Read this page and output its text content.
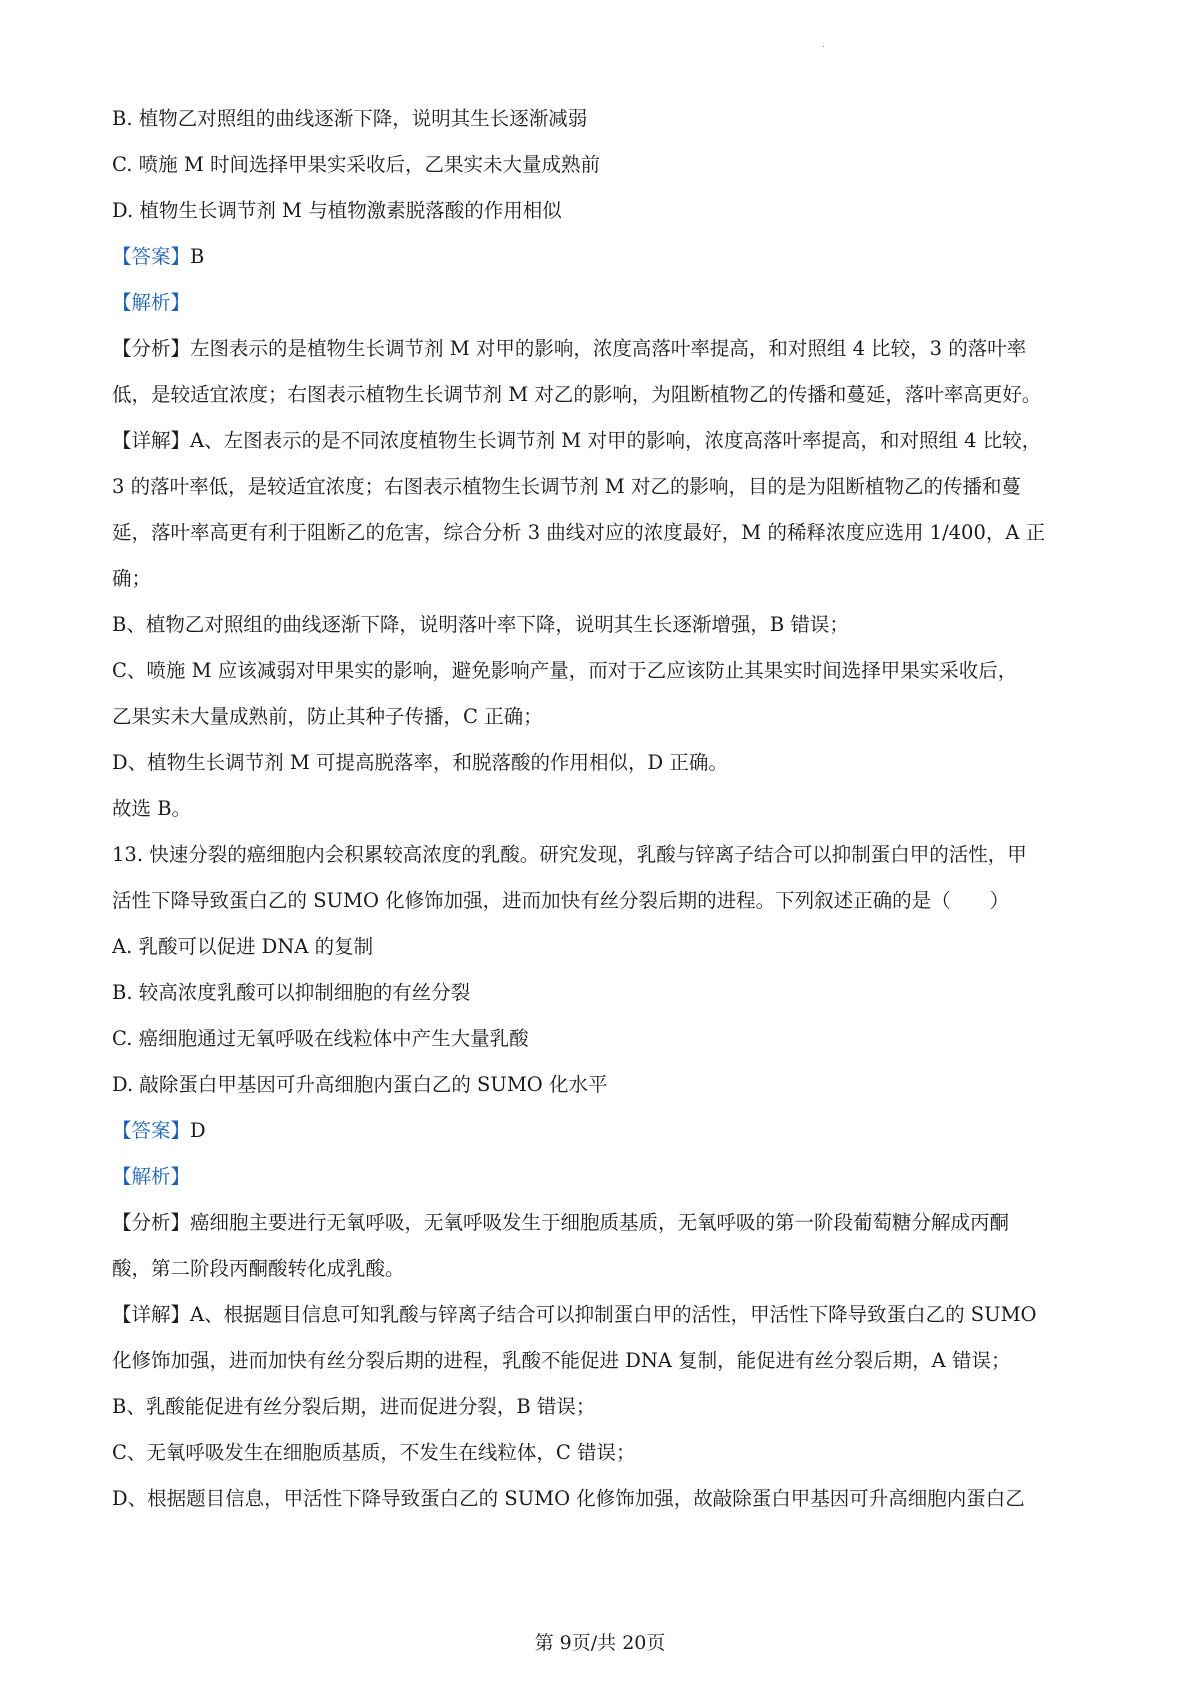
·
B. 植物乙对照组的曲线逐渐下降，说明其生长逐渐减弱
C. 喷施 M 时间选择甲果实采收后，乙果实未大量成熟前
D. 植物生长调节剂 M 与植物激素脱落酸的作用相似
【答案】B
【解析】
【分析】左图表示的是植物生长调节剂 M 对甲的影响，浓度高落叶率提高，和对照组 4 比较，3 的落叶率
低，是较适宜浓度；右图表示植物生长调节剂 M 对乙的影响，为阻断植物乙的传播和蔓延，落叶率高更好。
【详解】A、左图表示的是不同浓度植物生长调节剂 M 对甲的影响，浓度高落叶率提高，和对照组 4 比较，
3 的落叶率低，是较适宜浓度；右图表示植物生长调节剂 M 对乙的影响，目的是为阻断植物乙的传播和蔓
延，落叶率高更有利于阻断乙的危害，综合分析 3 曲线对应的浓度最好，M 的稀释浓度应选用 1/400，A 正
确；
B、植物乙对照组的曲线逐渐下降，说明落叶率下降，说明其生长逐渐增强，B 错误；
C、喷施 M 应该减弱对甲果实的影响，避免影响产量，而对于乙应该防止其果实时间选择甲果实采收后，
乙果实未大量成熟前，防止其种子传播，C 正确；
D、植物生长调节剂 M 可提高脱落率，和脱落酸的作用相似，D 正确。
故选 B。
13. 快速分裂的癌细胞内会积累较高浓度的乳酸。研究发现，乳酸与锌离子结合可以抑制蛋白甲的活性，甲
活性下降导致蛋白乙的 SUMO 化修饰加强，进而加快有丝分裂后期的进程。下列叙述正确的是（　　）
A. 乳酸可以促进 DNA 的复制
B. 较高浓度乳酸可以抑制细胞的有丝分裂
C. 癌细胞通过无氧呼吸在线粒体中产生大量乳酸
D. 敲除蛋白甲基因可升高细胞内蛋白乙的 SUMO 化水平
【答案】D
【解析】
【分析】癌细胞主要进行无氧呼吸，无氧呼吸发生于细胞质基质，无氧呼吸的第一阶段葡萄糖分解成丙酮
酸，第二阶段丙酮酸转化成乳酸。
【详解】A、根据题目信息可知乳酸与锌离子结合可以抑制蛋白甲的活性，甲活性下降导致蛋白乙的 SUMO
化修饰加强，进而加快有丝分裂后期的进程，乳酸不能促进 DNA 复制，能促进有丝分裂后期，A 错误；
B、乳酸能促进有丝分裂后期，进而促进分裂，B 错误；
C、无氧呼吸发生在细胞质基质，不发生在线粒体，C 错误；
D、根据题目信息，甲活性下降导致蛋白乙的 SUMO 化修饰加强，故敲除蛋白甲基因可升高细胞内蛋白乙
第 9页/共 20页
